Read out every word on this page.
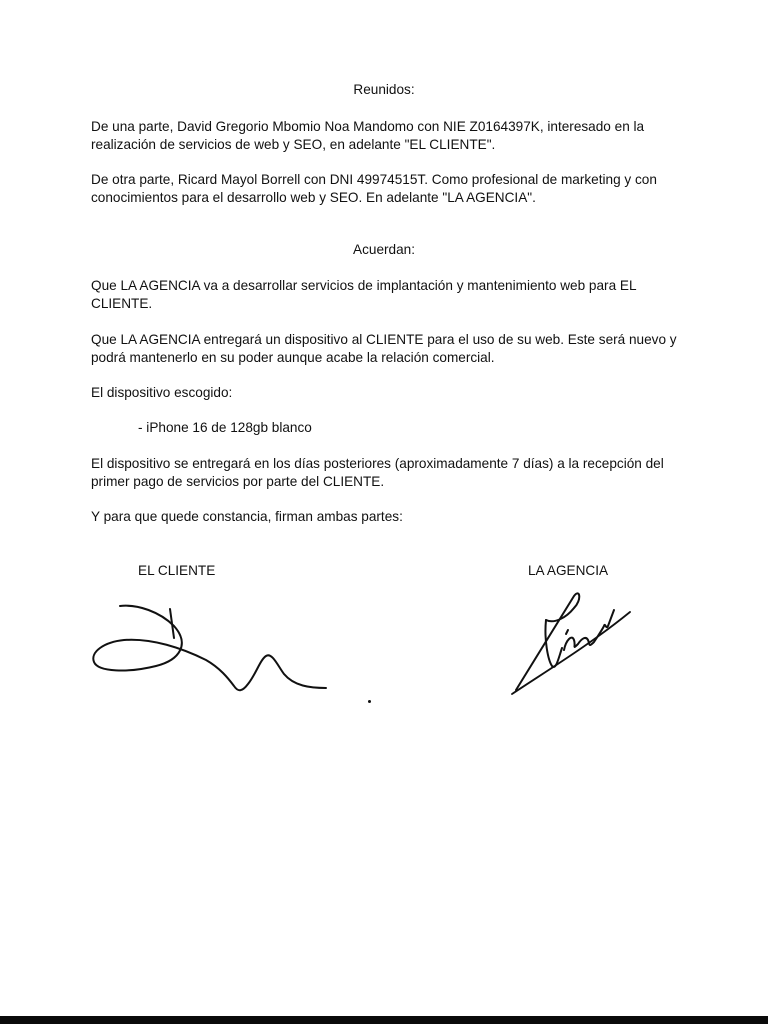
Reunidos:

De una parte, David Gregorio Mbomio Noa Mandomo con NIE Z0164397K, interesado en la realización de servicios de web y SEO, en adelante "EL CLIENTE".

De otra parte, Ricard Mayol Borrell con DNI 49974515T. Como profesional de marketing y con conocimientos para el desarrollo web y SEO. En adelante "LA AGENCIA".

Acuerdan:

Que LA AGENCIA va a desarrollar servicios de implantación y mantenimiento web para EL CLIENTE.

Que LA AGENCIA entregará un dispositivo al CLIENTE para el uso de su web. Este será nuevo y podrá mantenerlo en su poder aunque acabe la relación comercial.

El dispositivo escogido:

- iPhone 16 de 128gb blanco

El dispositivo se entregará en los días posteriores (aproximadamente 7 días) a la recepción del primer pago de servicios por parte del CLIENTE.

Y para que quede constancia, firman ambas partes:

EL CLIENTE	LA AGENCIA
